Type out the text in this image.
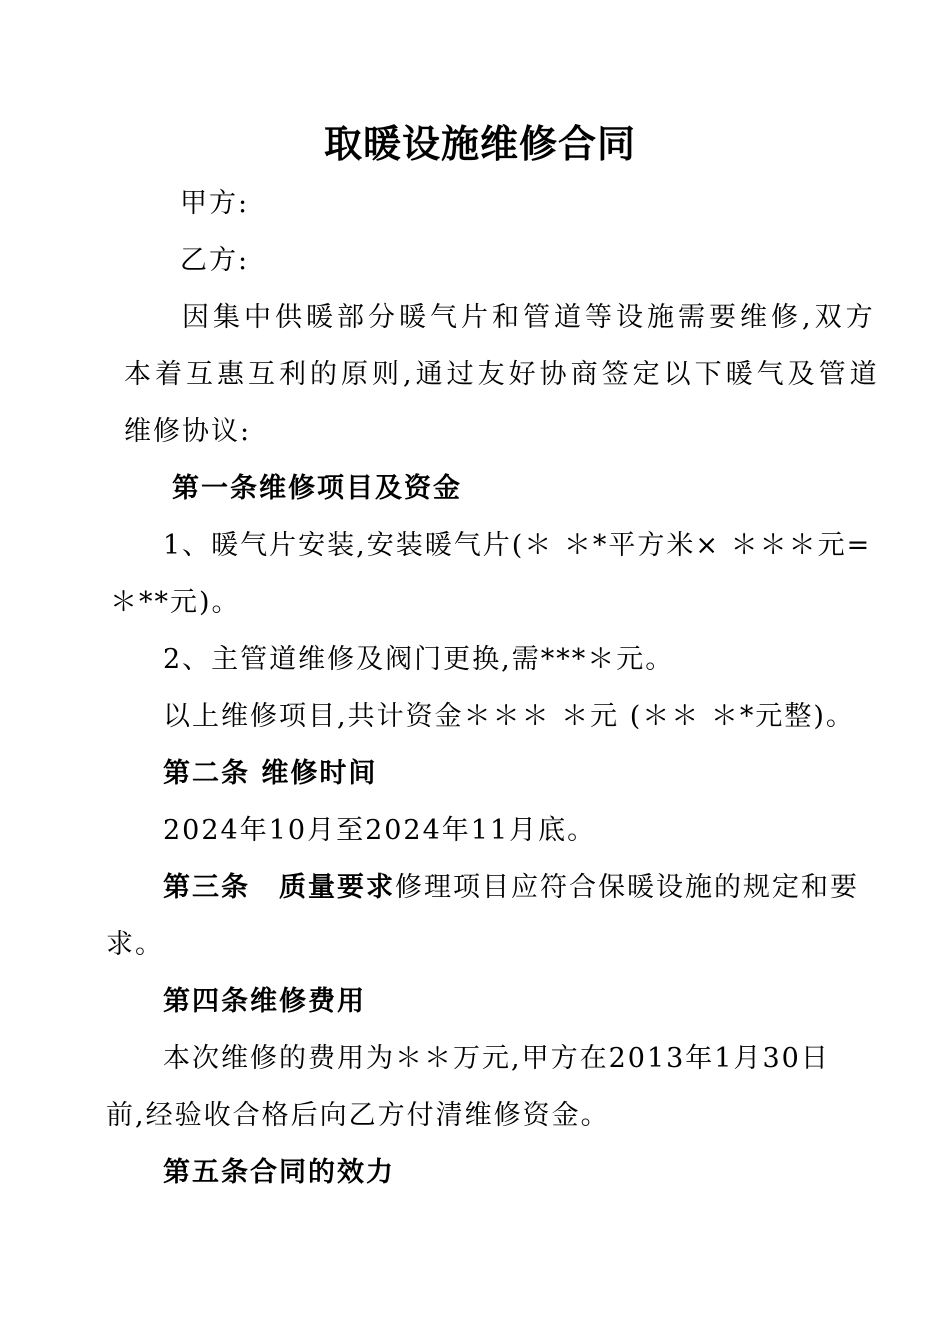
取暖设施维修合同
甲方:
乙方:
因集中供暖部分暖气片和管道等设施需要维修,双方
本着互惠互利的原则,通过友好协商签定以下暖气及管道
维修协议:
第一条维修项目及资金
1、暖气片安装,安装暖气片(＊ ＊*平方米× ＊＊＊元=
＊**元)。
2、主管道维修及阀门更换,需***＊元。
以上维修项目,共计资金＊＊＊ ＊元 (＊＊ ＊*元整)。
第二条 维修时间
2024年10月至2024年11月底。
第三条　质量要求修理项目应符合保暖设施的规定和要
求。
第四条维修费用
本次维修的费用为＊＊万元,甲方在2013年1月30日
前,经验收合格后向乙方付清维修资金。
第五条合同的效力
